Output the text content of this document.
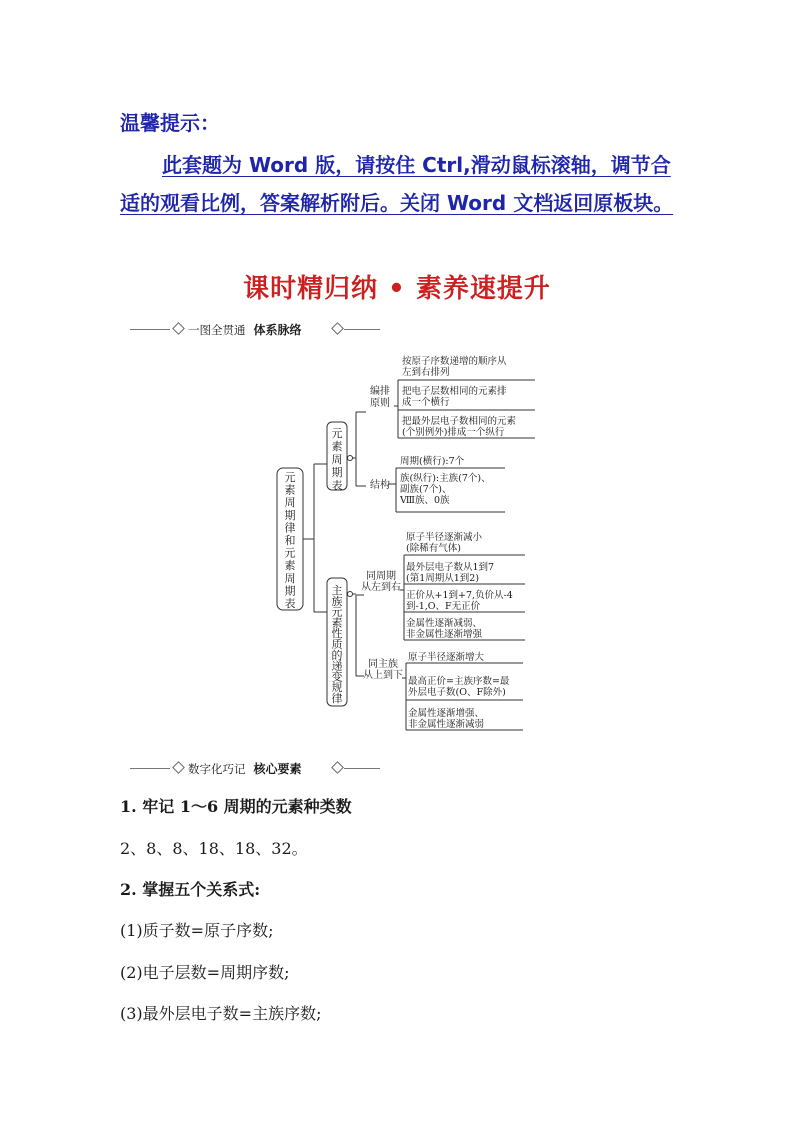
温馨提示：
此套题为 Word 版，请按住 Ctrl,滑动鼠标滚轴，调节合适的观看比例，答案解析附后。关闭 Word 文档返回原板块。
课时精归纳 • 素养速提升
一图全贯通 体系脉络
元素周期律和元素周期表
元素周期表
主族元素性质的递变规律
编排原则
结构
按原子序数递增的顺序从左到右排列
把电子层数相同的元素排成一个横行
把最外层电子数相同的元素(个别例外)排成一个纵行
周期(横行):7个
族(纵行):主族(7个)、副族(7个)、 Ⅷ族、0族
同周期从左到右
同主族从上到下
原子半径逐渐减小(除稀有气体)
最外层电子数从1到7 (第1周期从1到2)
正价从+1到+7,负价从-4 到-1,O、F无正价
金属性逐渐减弱、非金属性逐渐增强
原子半径逐渐增大
最高正价=主族序数=最外层电子数(O、F除外)
金属性逐渐增强、非金属性逐渐减弱
数字化巧记 核心要素
1. 牢记 1～6 周期的元素种类数
2、8、8、18、18、32。
2. 掌握五个关系式:
(1)质子数=原子序数;
(2)电子层数=周期序数;
(3)最外层电子数=主族序数;
